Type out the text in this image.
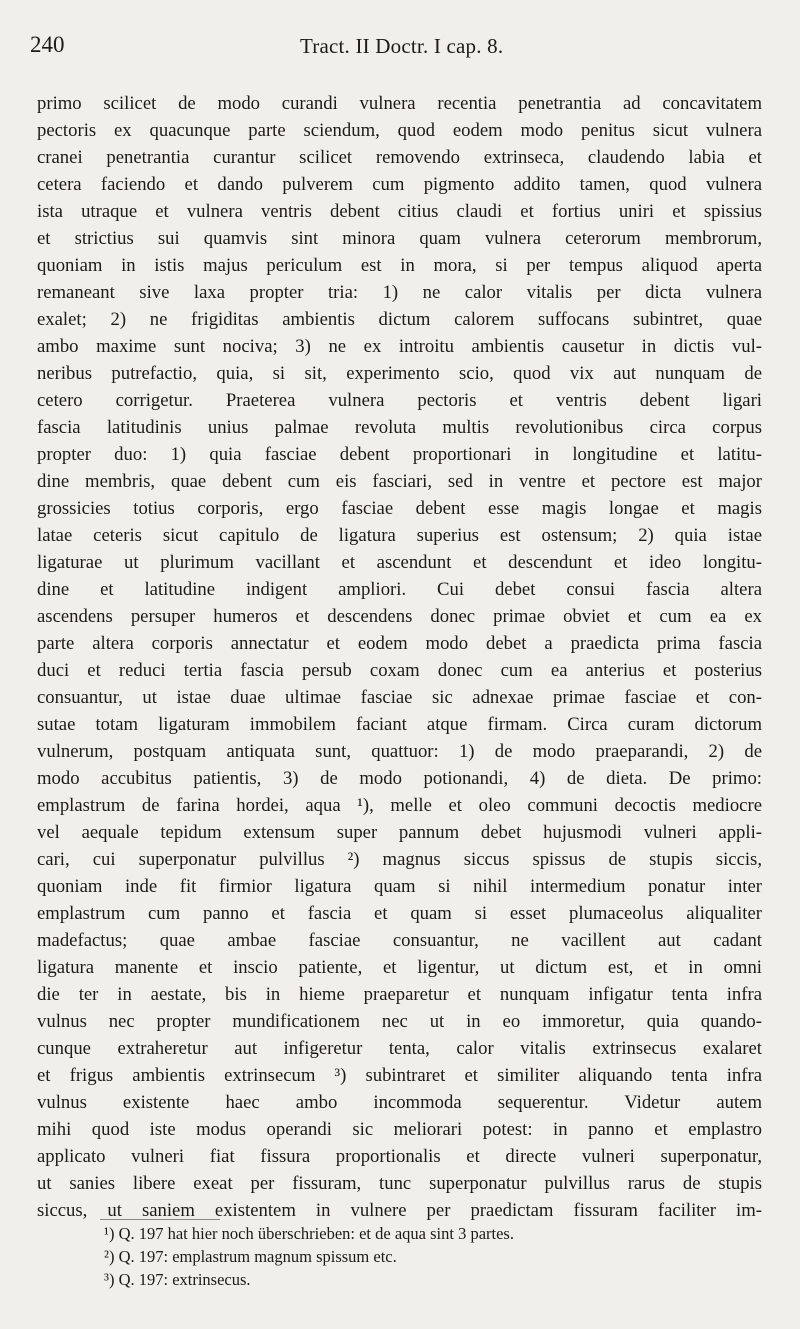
240	Tract. II Doctr. I cap. 8.
primo scilicet de modo curandi vulnera recentia penetrantia ad concavitatem
pectoris ex quacunque parte sciendum, quod eodem modo penitus sicut vulnera
cranei penetrantia curantur scilicet removendo extrinseca, claudendo labia et
cetera faciendo et dando pulverem cum pigmento addito tamen, quod vulnera
ista utraque et vulnera ventris debent citius claudi et fortius uniri et spissius
et strictius sui quamvis sint minora quam vulnera ceterorum membrorum,
quoniam in istis majus periculum est in mora, si per tempus aliquod aperta
remaneant sive laxa propter tria: 1) ne calor vitalis per dicta vulnera
exalet; 2) ne frigiditas ambientis dictum calorem suffocans subintret, quae
ambo maxime sunt nociva; 3) ne ex introitu ambientis causetur in dictis vul-
neribus putrefactio, quia, si sit, experimento scio, quod vix aut nunquam de
cetero corrigetur. Praeterea vulnera pectoris et ventris debent ligari
fascia latitudinis unius palmae revoluta multis revolutionibus circa corpus
propter duo: 1) quia fasciae debent proportionari in longitudine et latitu-
dine membris, quae debent cum eis fasciari, sed in ventre et pectore est major
grossicies totius corporis, ergo fasciae debent esse magis longae et magis
latae ceteris sicut capitulo de ligatura superius est ostensum; 2) quia istae
ligaturae ut plurimum vacillant et ascendunt et descendunt et ideo longitu-
dine et latitudine indigent ampliori. Cui debet consui fascia altera
ascendens persuper humeros et descendens donec primae obviet et cum ea ex
parte altera corporis annectatur et eodem modo debet a praedicta prima fascia
duci et reduci tertia fascia persub coxam donec cum ea anterius et posterius
consuantur, ut istae duae ultimae fasciae sic adnexae primae fasciae et con-
sutae totam ligaturam immobilem faciant atque firmam. Circa curam dictorum
vulnerum, postquam antiquata sunt, quattuor: 1) de modo praeparandi, 2) de
modo accubitus patientis, 3) de modo potionandi, 4) de dieta. De primo:
emplastrum de farina hordei, aqua ¹), melle et oleo communi decoctis mediocre
vel aequale tepidum extensum super pannum debet hujusmodi vulneri appli-
cari, cui superponatur pulvillus ²) magnus siccus spissus de stupis siccis,
quoniam inde fit firmior ligatura quam si nihil intermedium ponatur inter
emplastrum cum panno et fascia et quam si esset plumaceolus aliqualiter
madefactus; quae ambae fasciae consuantur, ne vacillent aut cadant
ligatura manente et inscio patiente, et ligentur, ut dictum est, et in omni
die ter in aestate, bis in hieme praeparetur et nunquam infigatur tenta infra
vulnus nec propter mundificationem nec ut in eo immoretur, quia quando-
cunque extraheretur aut infigeretur tenta, calor vitalis extrinsecus exalaret
et frigus ambientis extrinsecum ³) subintraret et similiter aliquando tenta infra
vulnus existente haec ambo incommoda sequerentur. Videtur autem
mihi quod iste modus operandi sic meliorari potest: in panno et emplastro
applicato vulneri fiat fissura proportionalis et directe vulneri superponatur,
ut sanies libere exeat per fissuram, tunc superponatur pulvillus rarus de stupis
siccus, ut saniem existentem in vulnere per praedictam fissuram faciliter im-
¹) Q. 197 hat hier noch überschrieben: et de aqua sint 3 partes.
²) Q. 197: emplastrum magnum spissum etc.
³) Q. 197: extrinsecus.
